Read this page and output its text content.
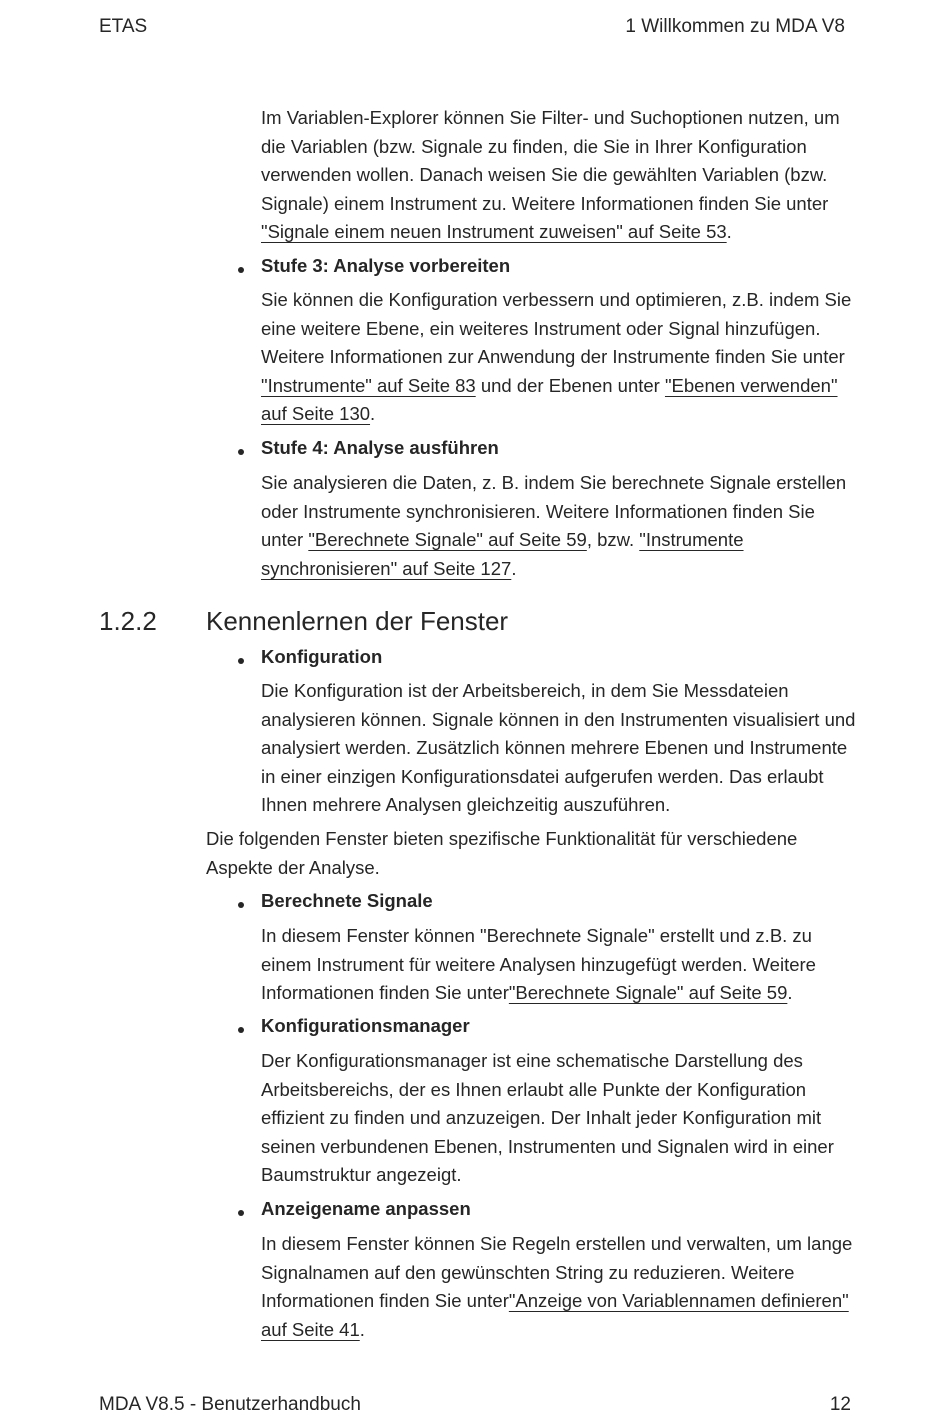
ETAS	1 Willkommen zu MDA V8

Im Variablen-Explorer können Sie Filter- und Suchoptionen nutzen, um die Variablen (bzw. Signale zu finden, die Sie in Ihrer Konfiguration verwenden wollen. Danach weisen Sie die gewählten Variablen (bzw. Signale) einem Instrument zu. Weitere Informationen finden Sie unter "Signale einem neuen Instrument zuweisen" auf Seite 53.

Stufe 3: Analyse vorbereiten

Sie können die Konfiguration verbessern und optimieren, z.B. indem Sie eine weitere Ebene, ein weiteres Instrument oder Signal hinzufügen. Weitere Informationen zur Anwendung der Instrumente finden Sie unter "Instrumente" auf Seite 83 und der Ebenen unter "Ebenen verwenden" auf Seite 130.

Stufe 4: Analyse ausführen

Sie analysieren die Daten, z. B. indem Sie berechnete Signale erstellen oder Instrumente synchronisieren. Weitere Informationen finden Sie unter "Berechnete Signale" auf Seite 59, bzw. "Instrumente synchronisieren" auf Seite 127.

1.2.2 Kennenlernen der Fenster
Konfiguration

Die Konfiguration ist der Arbeitsbereich, in dem Sie Messdateien analysieren können. Signale können in den Instrumenten visualisiert und analysiert werden. Zusätzlich können mehrere Ebenen und Instrumente in einer einzigen Konfigurationsdatei aufgerufen werden. Das erlaubt Ihnen mehrere Analysen gleichzeitig auszuführen.

Die folgenden Fenster bieten spezifische Funktionalität für verschiedene Aspekte der Analyse.

Berechnete Signale

In diesem Fenster können "Berechnete Signale" erstellt und z.B. zu einem Instrument für weitere Analysen hinzugefügt werden. Weitere Informationen finden Sie unter"Berechnete Signale" auf Seite 59.

Konfigurationsmanager

Der Konfigurationsmanager ist eine schematische Darstellung des Arbeitsbereichs, der es Ihnen erlaubt alle Punkte der Konfiguration effizient zu finden und anzuzeigen. Der Inhalt jeder Konfiguration mit seinen verbundenen Ebenen, Instrumenten und Signalen wird in einer Baumstruktur angezeigt.

Anzeigename anpassen

In diesem Fenster können Sie Regeln erstellen und verwalten, um lange Signalnamen auf den gewünschten String zu reduzieren. Weitere Informationen finden Sie unter"Anzeige von Variablennamen definieren" auf Seite 41.

MDA V8.5 - Benutzerhandbuch	12
